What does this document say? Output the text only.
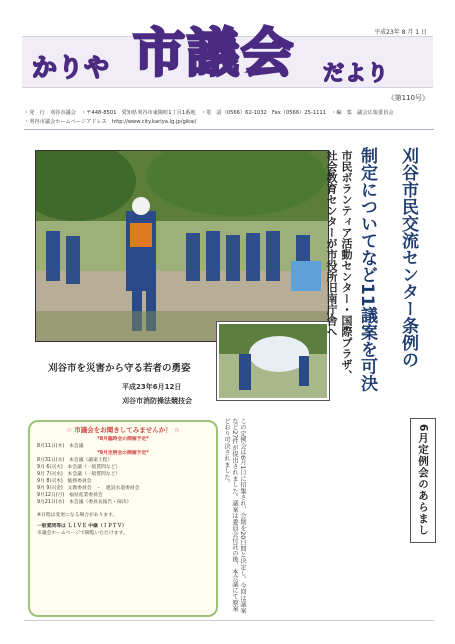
平成23年 8 月 1 日
かりや 市議会 だより
《第110号》
・発　行　刈谷市議会　・〒448-8501　愛知県刈谷市東陽町1丁目1番地　・電　話（0566）62-1032　Fax（0566）25-1111　・編　集　議会広報委員会
・刈谷市議会ホームページアドレス　http://www.city.kariya.lg.jp/gikai/
刈谷市を災害から守る若者の勇姿
平成23年6月12日
刈谷市消防操法競技会
刈谷市民交流センター条例の
制定についてなど11議案を可決
市民ボランティア活動センター・国際プラザ、
社会教育センターが市役所旧南庁舎へ
☆ 市議会をお聞きしてみませんか！ ☆
*8月臨時会の開催予定*
8月11日(木)　本会議
*9月定例会の開催予定*
8月31日(水)　本会議（議案上程）
9月 6日(火)　本会議（一般質問など）
9月 7日(水)　本会議（一般質問など）
9月 8日(木)　総務委員会
9月 9日(金)　文教委員会　・　建設水道委員会
9月12日(月)　福祉産業委員会
9月21日(水)　本会議（委員長報告・採決）
※日程は変更になる場合があります。
一般質問等は ＬＩＶＥ 中継（ＩＰＴＶ）
市議会ホームページで御覧いただけます。	6月定例会のあらまし

この定例会は6月1日に招集され、会期を20日間と決定し、今回は議案など27件が提出されました。議案は委員会付託の後、本会議にて原案どおり可決されました。
